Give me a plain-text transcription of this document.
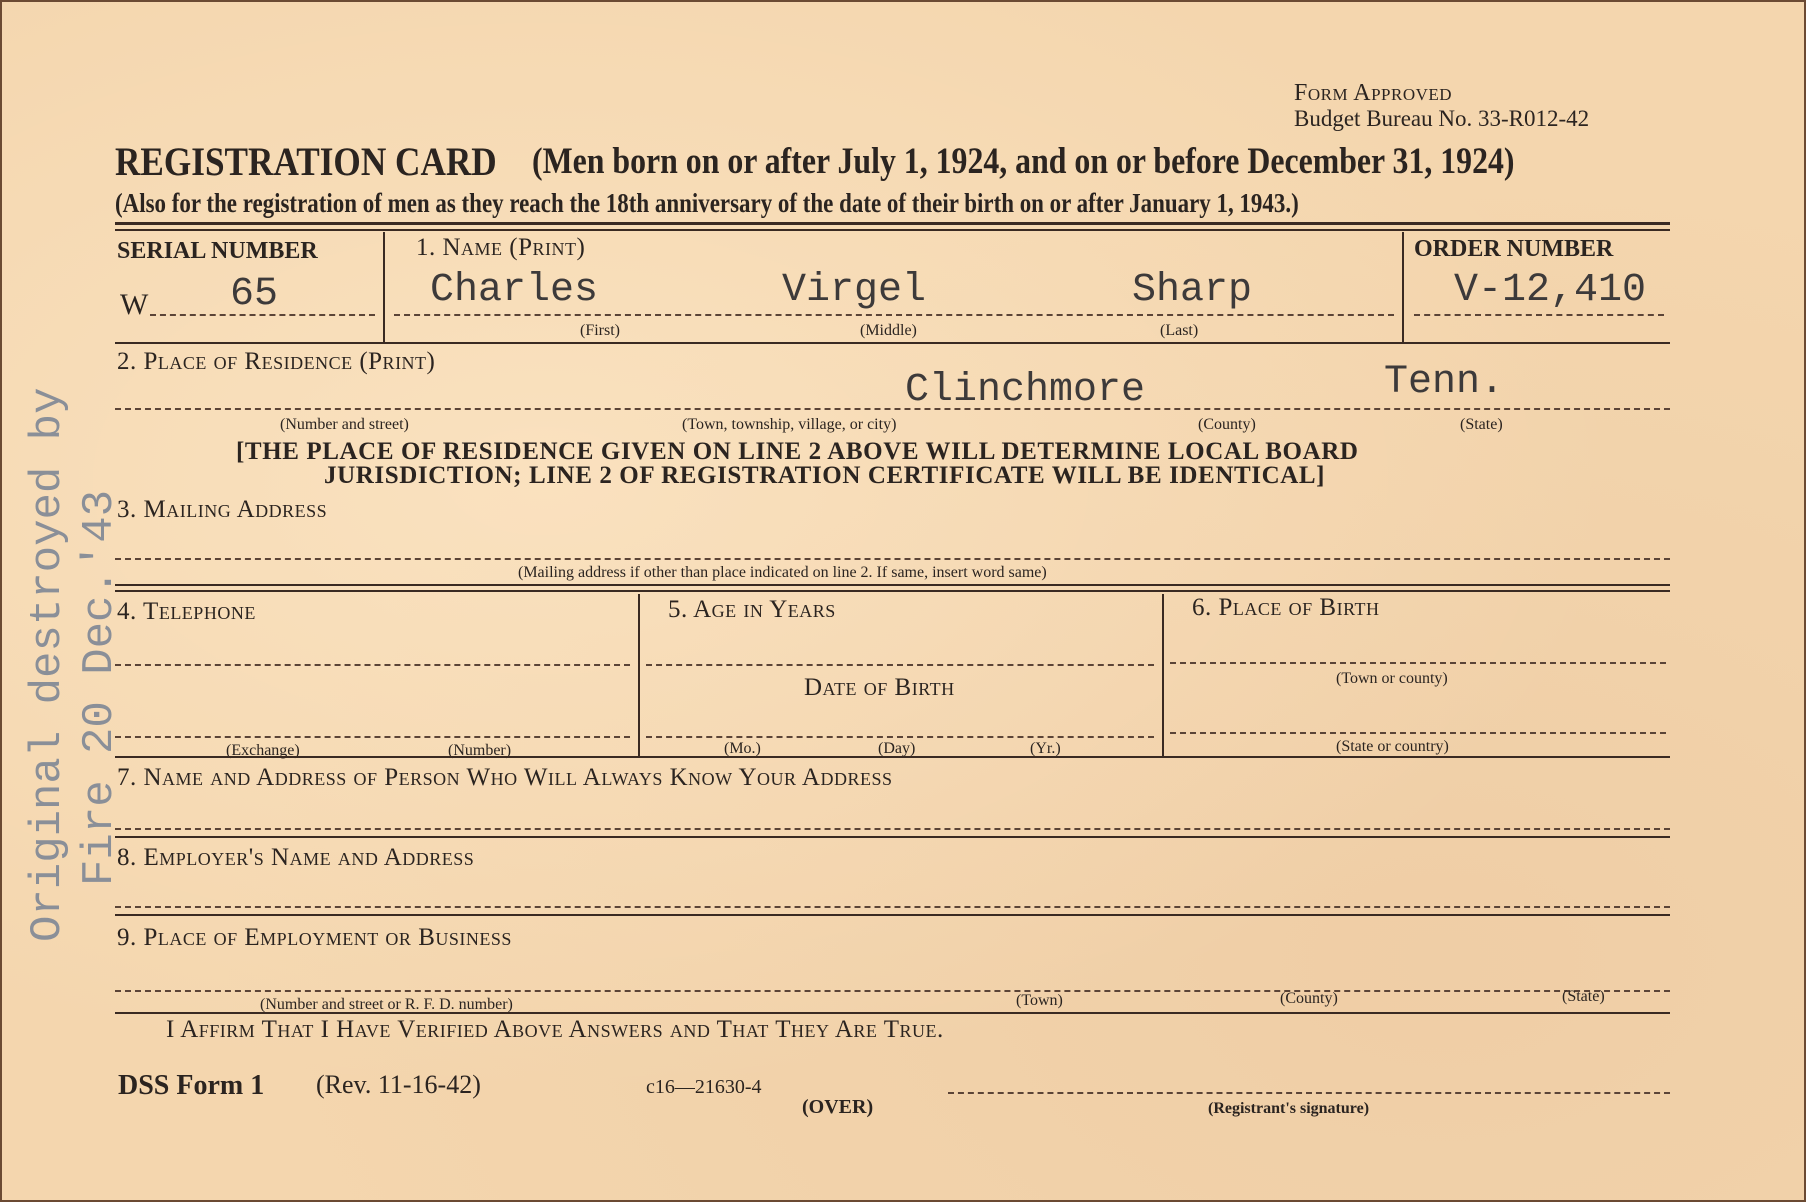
Form Approved
Budget Bureau No. 33-R012-42
REGISTRATION CARD (Men born on or after July 1, 1924, and on or before December 31, 1924)
(Also for the registration of men as they reach the 18th anniversary of the date of their birth on or after January 1, 1943.)
SERIAL NUMBER
W 65
1. Name (Print)
Charles	Virgel	Sharp
(First)	(Middle)	(Last)
ORDER NUMBER
V-12,410
2. Place of Residence (Print)
Clinchmore	Tenn.
(Number and street)	(Town, township, village, or city)	(County)	(State)
[THE PLACE OF RESIDENCE GIVEN ON LINE 2 ABOVE WILL DETERMINE LOCAL BOARD
JURISDICTION; LINE 2 OF REGISTRATION CERTIFICATE WILL BE IDENTICAL]
3. Mailing Address
(Mailing address if other than place indicated on line 2. If same, insert word same)
4. Telephone
(Exchange)	(Number)
5. Age in Years
Date of Birth
(Mo.)	(Day)	(Yr.)
6. Place of Birth
(Town or county)
(State or country)
7. Name and Address of Person Who Will Always Know Your Address
8. Employer's Name and Address
9. Place of Employment or Business
(Number and street or R. F. D. number)	(Town)	(County)	(State)
I Affirm That I Have Verified Above Answers and That They Are True.
DSS Form 1 (Rev. 11-16-42)	c16—21630-4
(OVER)	(Registrant's signature)
Original destroyed by Fire 20 Dec.'43
